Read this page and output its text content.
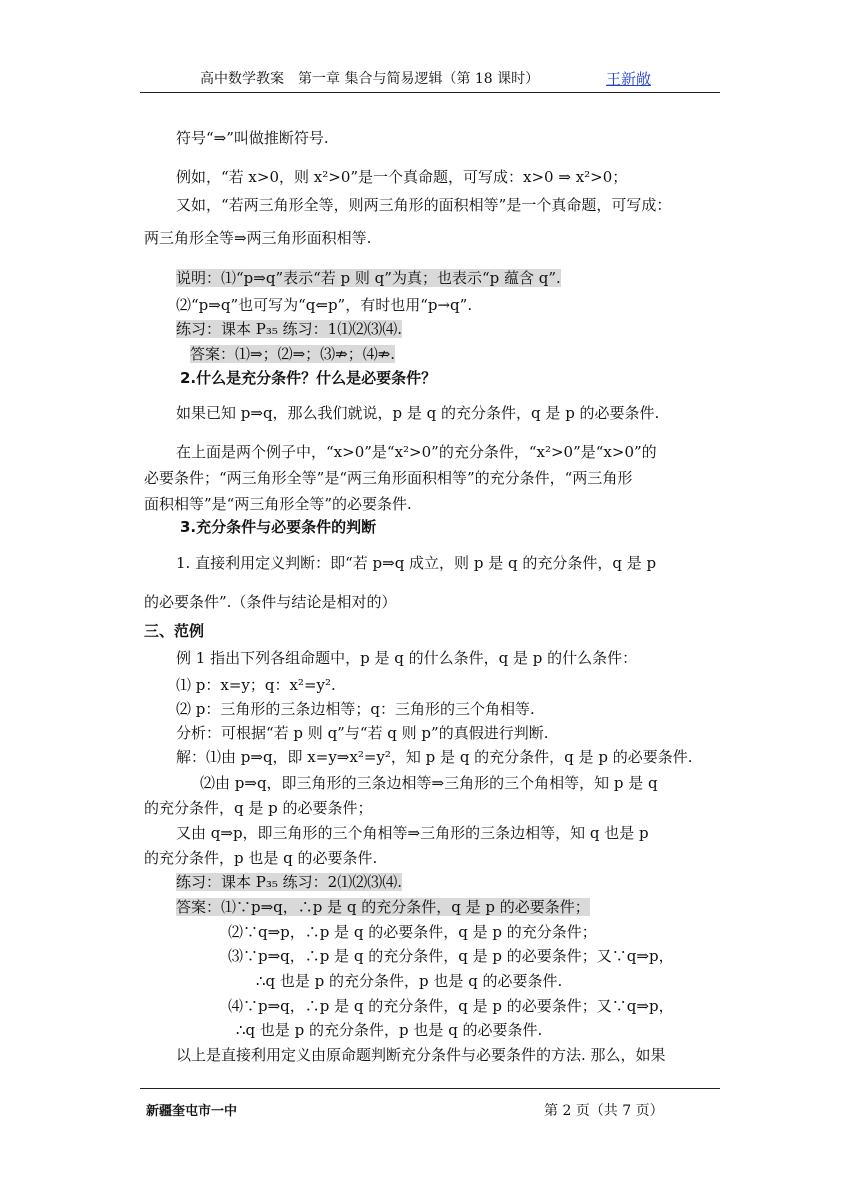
高中数学教案　第一章 集合与简易逻辑（第 18 课时）	王新敞
符号“⇒”叫做推断符号.
例如，“若 x>0，则 x²>0”是一个真命题，可写成：x>0 ⇒ x²>0；
又如，“若两三角形全等，则两三角形的面积相等”是一个真命题，可写成：
两三角形全等⇒两三角形面积相等.
说明：⑴“p⇒q”表示“若 p 则 q”为真；也表示“p 蕴含 q”.
⑵“p⇒q”也可写为“q⇐p”，有时也用“p→q”.
练习：课本 P₃₅ 练习：1⑴⑵⑶⑷.
答案：⑴⇒；⑵⇒；⑶⇏；⑷⇏.
2.什么是充分条件？什么是必要条件？
如果已知 p⇒q，那么我们就说，p 是 q 的充分条件，q 是 p 的必要条件.
在上面是两个例子中，“x>0”是“x²>0”的充分条件，“x²>0”是“x>0”的
必要条件；“两三角形全等”是“两三角形面积相等”的充分条件，“两三角形
面积相等”是“两三角形全等”的必要条件.
3.充分条件与必要条件的判断
1. 直接利用定义判断：即“若 p⇒q 成立，则 p 是 q 的充分条件，q 是 p
的必要条件”.（条件与结论是相对的）
三、范例
例 1 指出下列各组命题中，p 是 q 的什么条件，q 是 p 的什么条件：
⑴ p：x=y；q：x²=y².
⑵ p：三角形的三条边相等；q：三角形的三个角相等.
分析：可根据“若 p 则 q”与“若 q 则 p”的真假进行判断.
解：⑴由 p⇒q，即 x=y⇒x²=y²，知 p 是 q 的充分条件，q 是 p 的必要条件.
⑵由 p⇒q，即三角形的三条边相等⇒三角形的三个角相等，知 p 是 q
的充分条件，q 是 p 的必要条件；
又由 q⇒p，即三角形的三个角相等⇒三角形的三条边相等，知 q 也是 p
的充分条件，p 也是 q 的必要条件.
练习：课本 P₃₅ 练习：2⑴⑵⑶⑷.
答案：⑴∵p⇒q，∴p 是 q 的充分条件，q 是 p 的必要条件；
⑵∵q⇒p，∴p 是 q 的必要条件，q 是 p 的充分条件；
⑶∵p⇒q，∴p 是 q 的充分条件，q 是 p 的必要条件；又∵q⇒p，
∴q 也是 p 的充分条件，p 也是 q 的必要条件.
⑷∵p⇒q，∴p 是 q 的充分条件，q 是 p 的必要条件；又∵q⇒p，
∴q 也是 p 的充分条件，p 也是 q 的必要条件.
以上是直接利用定义由原命题判断充分条件与必要条件的方法. 那么，如果
新疆奎屯市一中	第 2 页（共 7 页）
